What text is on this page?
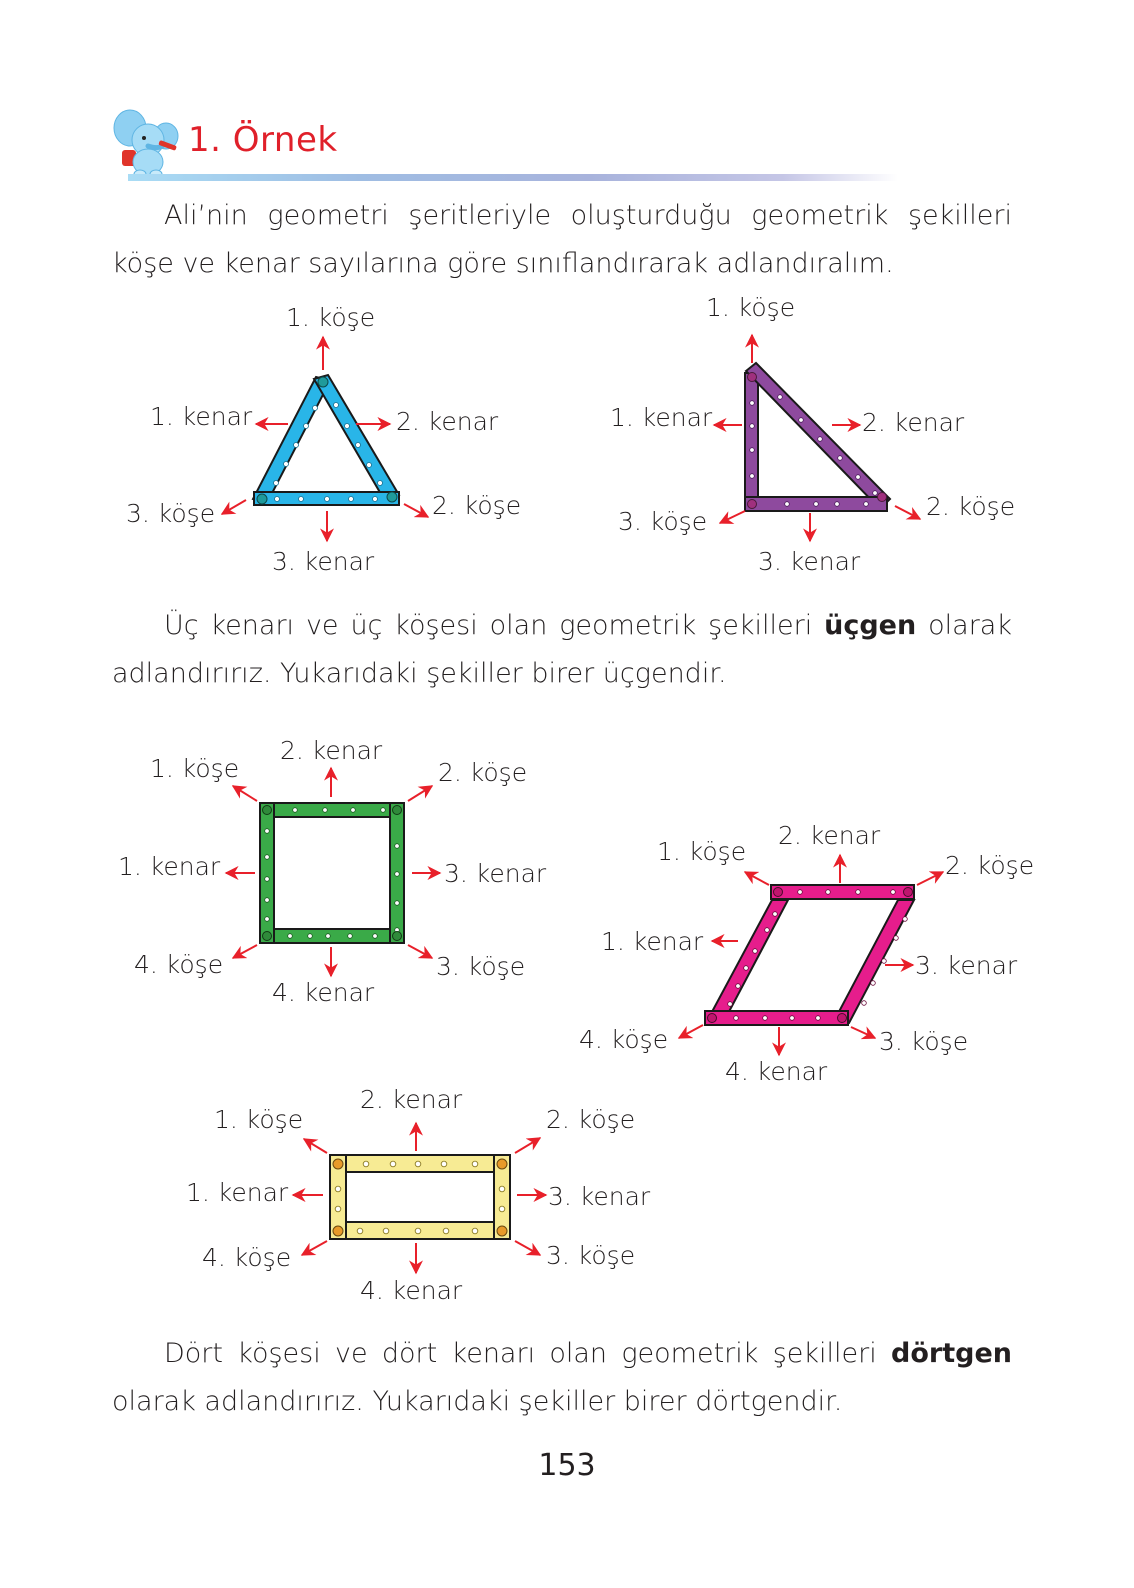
1. Örnek
Ali’nin geometri şeritleriyle oluşturduğu geometrik şekilleri
köşe ve kenar sayılarına göre sınıflandırarak adlandıralım.
1. köşe
1. kenar	2. kenar
3. köşe	2. köşe
3. kenar
1. köşe
1. kenar	2. kenar
3. köşe
2. köşe
3. kenar
Üç kenarı ve üç köşesi olan geometrik şekilleri üçgen olarak
adlandırırız. Yukarıdaki şekiller birer üçgendir.
1. köşe
2. kenar
2. köşe
1. kenar	3. kenar
4. köşe	3. köşe
4. kenar
1. köşe
2. kenar
2. köşe
1. kenar
3. kenar
4. köşe	3. köşe
4. kenar
1. köşe
2. kenar
2. köşe
1. kenar	3. kenar
4. köşe	3. köşe
4. kenar
Dört köşesi ve dört kenarı olan geometrik şekilleri dörtgen
olarak adlandırırız. Yukarıdaki şekiller birer dörtgendir.
153
